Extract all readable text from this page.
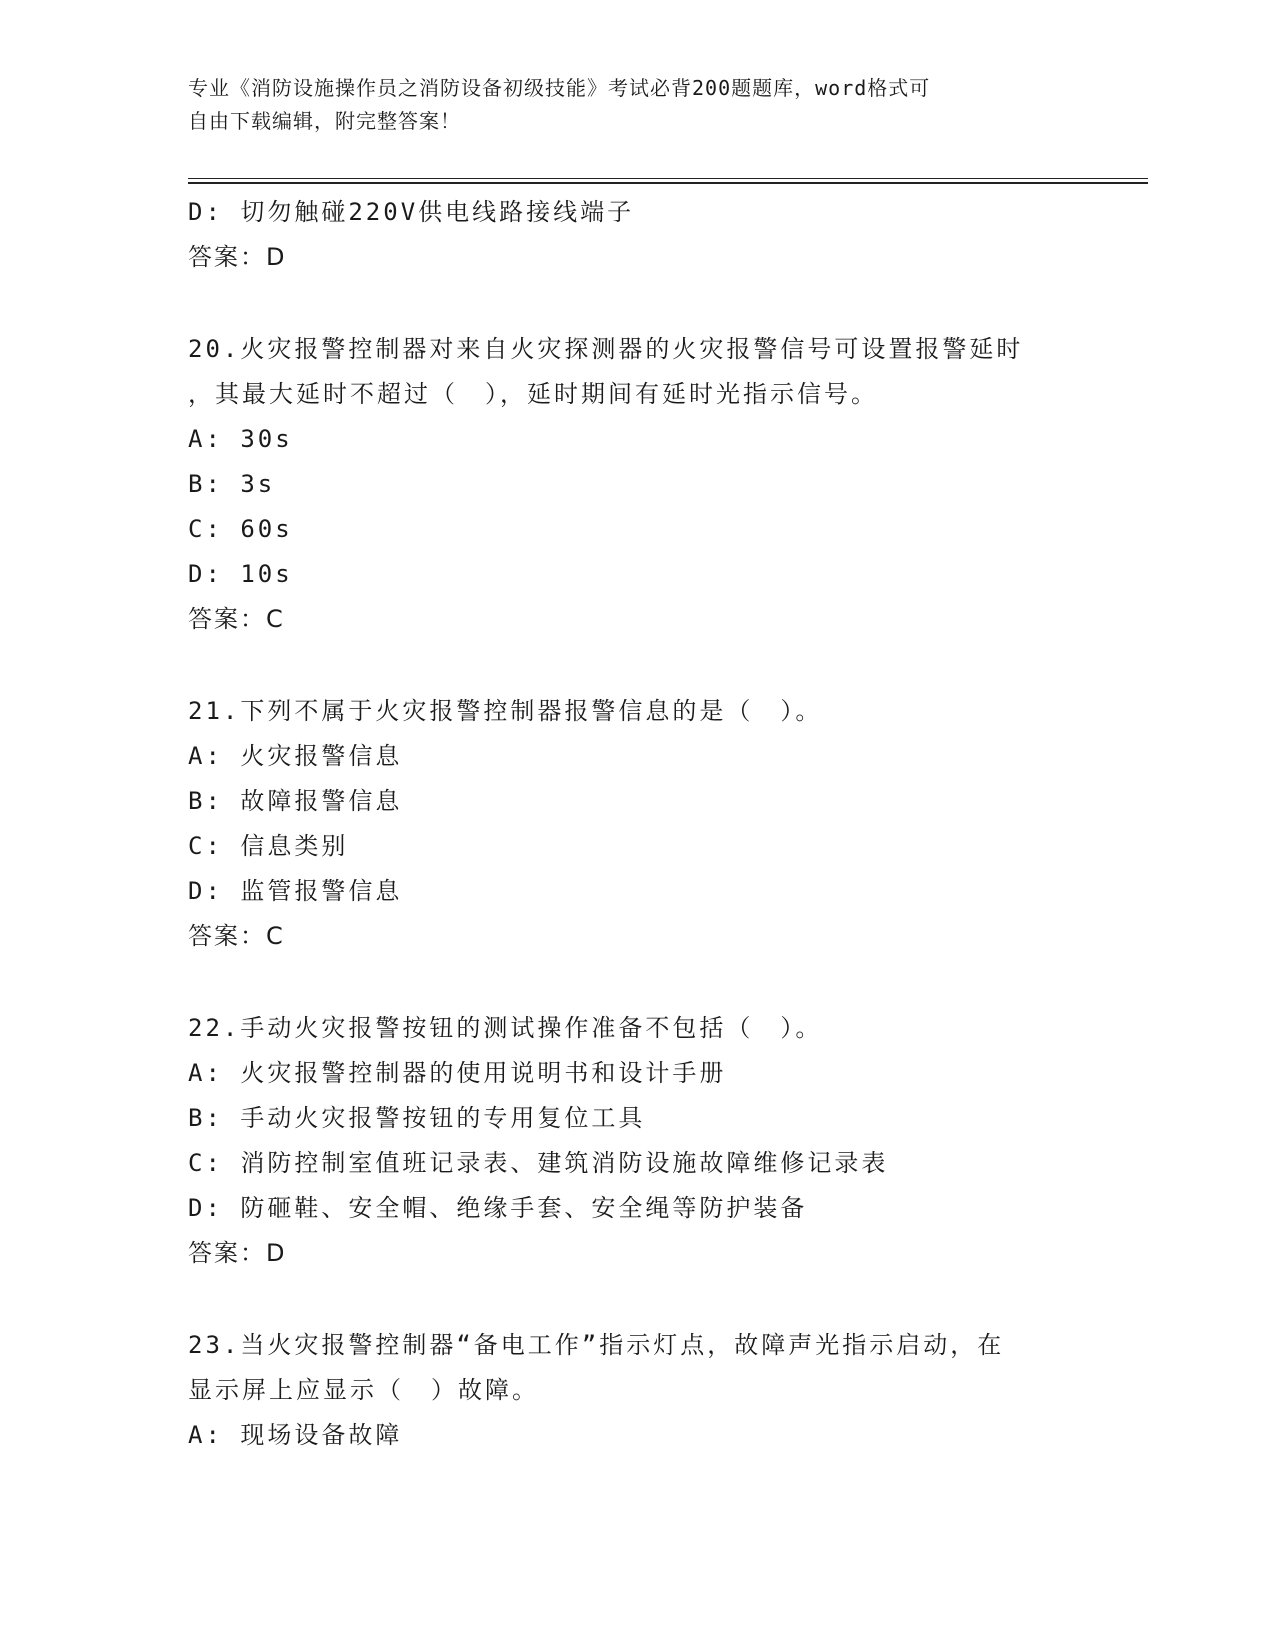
专业《消防设施操作员之消防设备初级技能》考试必背200题题库，word格式可
自由下载编辑，附完整答案！
D: 切勿触碰220V供电线路接线端子
答案：D
20.火灾报警控制器对来自火灾探测器的火灾报警信号可设置报警延时
，其最大延时不超过（　），延时期间有延时光指示信号。
A: 30s
B: 3s
C: 60s
D: 10s
答案：C
21.下列不属于火灾报警控制器报警信息的是（　）。
A: 火灾报警信息
B: 故障报警信息
C: 信息类别
D: 监管报警信息
答案：C
22.手动火灾报警按钮的测试操作准备不包括（　）。
A: 火灾报警控制器的使用说明书和设计手册
B: 手动火灾报警按钮的专用复位工具
C: 消防控制室值班记录表、建筑消防设施故障维修记录表
D: 防砸鞋、安全帽、绝缘手套、安全绳等防护装备
答案：D
23.当火灾报警控制器“备电工作”指示灯点，故障声光指示启动，在
显示屏上应显示（　）故障。
A: 现场设备故障
